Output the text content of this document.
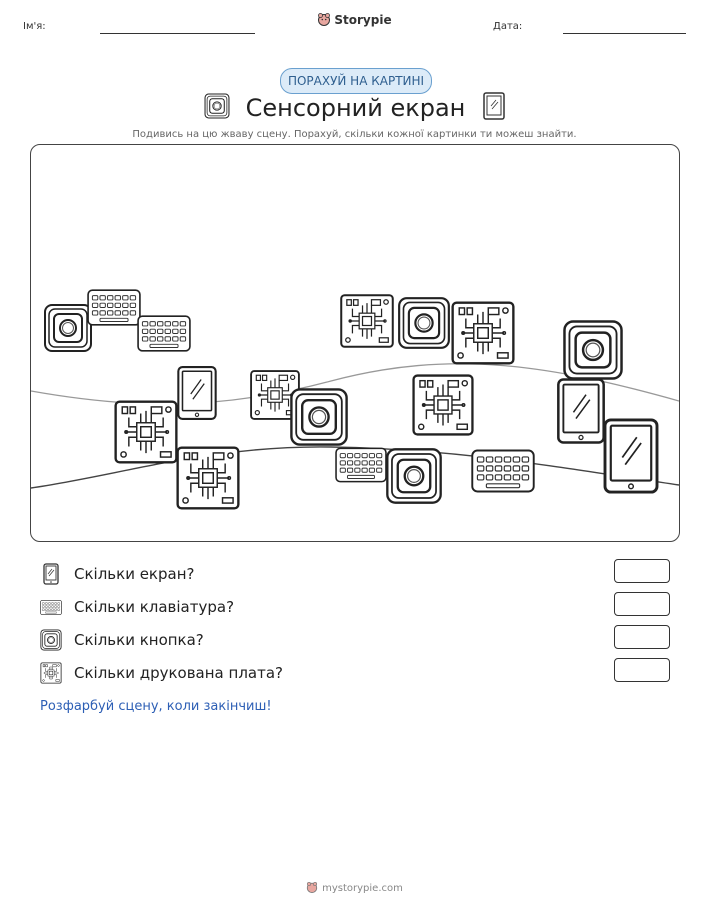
Ім'я:	Storypie	Дата:
ПОРАХУЙ НА КАРТИНІ
Сенсорний екран
Подивись на цю жваву сцену. Порахуй, скільки кожної картинки ти можеш знайти.
Скільки екран?
Скільки клавіатура?
Скільки кнопка?
Скільки друкована плата?
Розфарбуй сцену, коли закінчиш!
mystorypie.com
